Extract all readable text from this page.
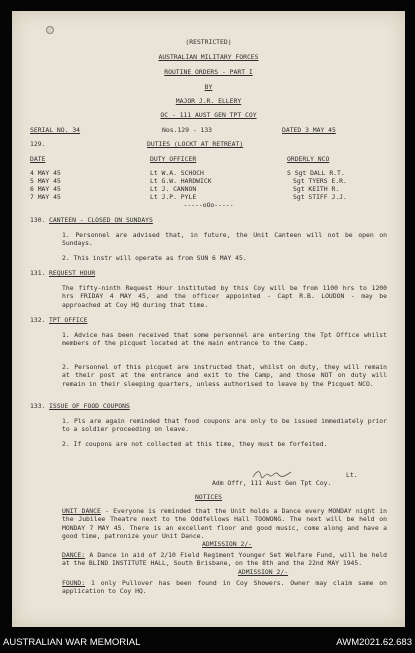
(RESTRICTED)
AUSTRALIAN MILITARY FORCES
ROUTINE ORDERS - PART I
BY
MAJOR J.R. ELLERY
OC - 111 AUST GEN TPT COY
SERIAL NO. 34	Nos.129 - 133	DATED 3 MAY 45
129.	DUTIES (LOCKT AT RETREAT)
DATE	DUTY OFFICER	ORDERLY NCO
4 MAY 45	Lt W.A. SCHOCH	S Sgt DALL R.T.
5 MAY 45	Lt G.W. HARDWICK	Sgt TYERS E.R.
6 MAY 45	Lt J. CANNON	Sgt KEITH R.
7 MAY 45	Lt J.P. PYLE	Sgt STIFF J.J.
-----oOo-----
130. CANTEEN - CLOSED ON SUNDAYS
1. Personnel are advised that, in future, the Unit Canteen will not be open on Sundays.
2. This instr will operate as from SUN 6 MAY 45.
131. REQUEST HOUR
The fifty-ninth Request Hour instituted by this Coy will be from 1100 hrs to 1200 hrs FRIDAY 4 MAY 45, and the officer appointed - Capt R.B. LOUDON - may be approached at Coy HQ during that time.
132. TPT OFFICE
1. Advice has been received that some personnel are entering the Tpt Office whilst members of the picquet located at the main entrance to the Camp.
2. Personnel of this picquet are instructed that, whilst on duty, they will remain at their post at the entrance and exit to the Camp, and those NOT on duty will remain in their sleeping quarters, unless authorised to leave by the Picquet NCO.
133. ISSUE OF FOOD COUPONS
1. Pls are again reminded that food coupons are only to be issued immediately prior to a soldier proceeding on leave.
2. If coupons are not collected at this time, they must be forfeited.
Lt.
Adm Offr, 111 Aust Gen Tpt Coy.
NOTICES
UNIT DANCE - Everyone is reminded that the Unit holds a Dance every MONDAY night in the Jubilee Theatre next to the Oddfellows Hall TOOWONG. The next will be held on MONDAY 7 MAY 45. There is an excellent floor and good music, come along and have a good time, patronize your Unit Dance.
ADMISSION 2/-
DANCE: A Dance in aid of 2/10 Field Regiment Younger Set Welfare Fund, will be held at the BLIND INSTITUTE HALL, South Brisbane, on the 8th and the 22nd MAY 1945.
ADMISSION 2/-
FOUND: 1 only Pullover has been found in Coy Showers. Owner may claim same on application to Coy HQ.
AUSTRALIAN WAR MEMORIAL	AWM2021.62.683
